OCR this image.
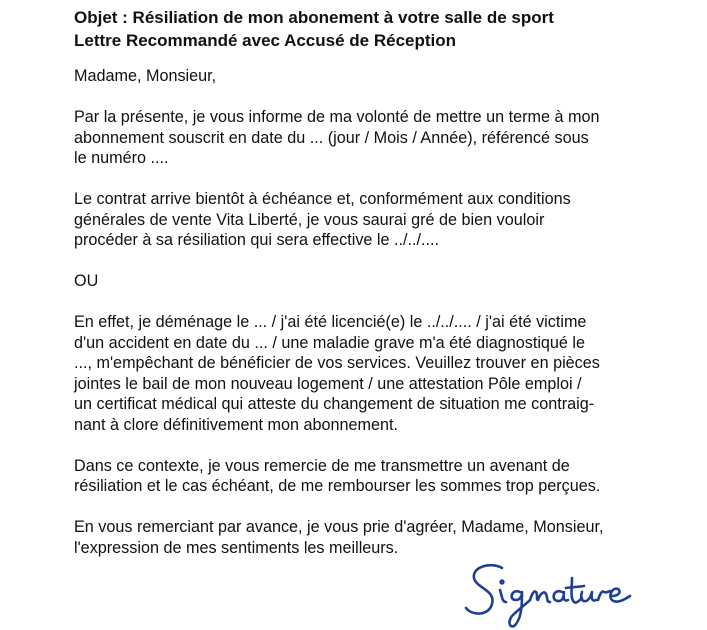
Objet : Résiliation de mon abonement à votre salle de sport
Lettre Recommandé avec Accusé de Réception

Madame, Monsieur,

Par la présente, je vous informe de ma volonté de mettre un terme à mon
abonnement souscrit en date du ... (jour / Mois / Année), référencé sous
le numéro ....

Le contrat arrive bientôt à échéance et, conformément aux conditions
générales de vente Vita Liberté, je vous saurai gré de bien vouloir
procéder à sa résiliation qui sera effective le ../../....

OU

En effet, je déménage le ... / j'ai été licencié(e) le ../../.... / j'ai été victime
d'un accident en date du ... / une maladie grave m'a été diagnostiqué le
..., m'empêchant de bénéficier de vos services. Veuillez trouver en pièces
jointes le bail de mon nouveau logement / une attestation Pôle emploi /
un certificat médical qui atteste du changement de situation me contraig-
nant à clore définitivement mon abonnement.

Dans ce contexte, je vous remercie de me transmettre un avenant de
résiliation et le cas échéant, de me rembourser les sommes trop perçues.

En vous remerciant par avance, je vous prie d'agréer, Madame, Monsieur,
l'expression de mes sentiments les meilleurs.
